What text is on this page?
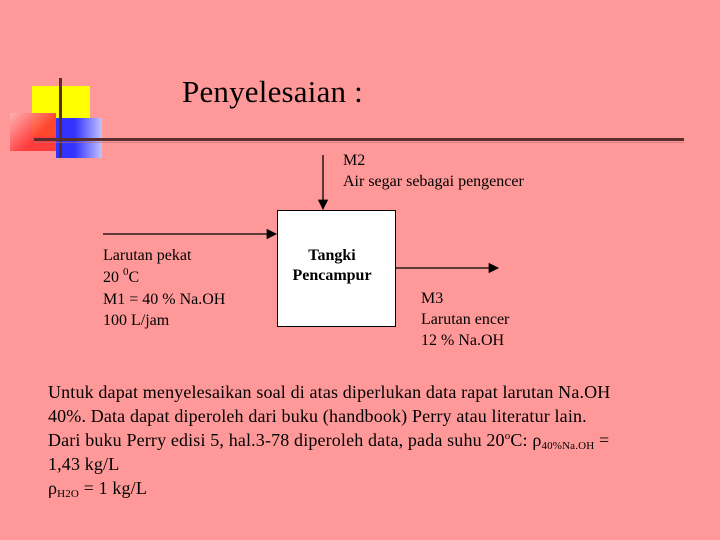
Penyelesaian :
M2
Air segar sebagai pengencer
Larutan pekat
20 $^0$C
M1 = 40 % Na.OH
100 L/jam
Tangki
Pencampur
M3
Larutan encer
12 % Na.OH

Untuk dapat menyelesaikan soal di atas diperlukan data rapat larutan Na.OH

40%. Data dapat diperoleh dari buku (handbook) Perry atau literatur lain.

Dari buku Perry edisi 5, hal.3-78 diperoleh data, pada suhu 20$^o$C: $\rho_{40\%Na.OH}$ =

1,43 kg/L

$\rho_{H2O} = 1$ kg/L
